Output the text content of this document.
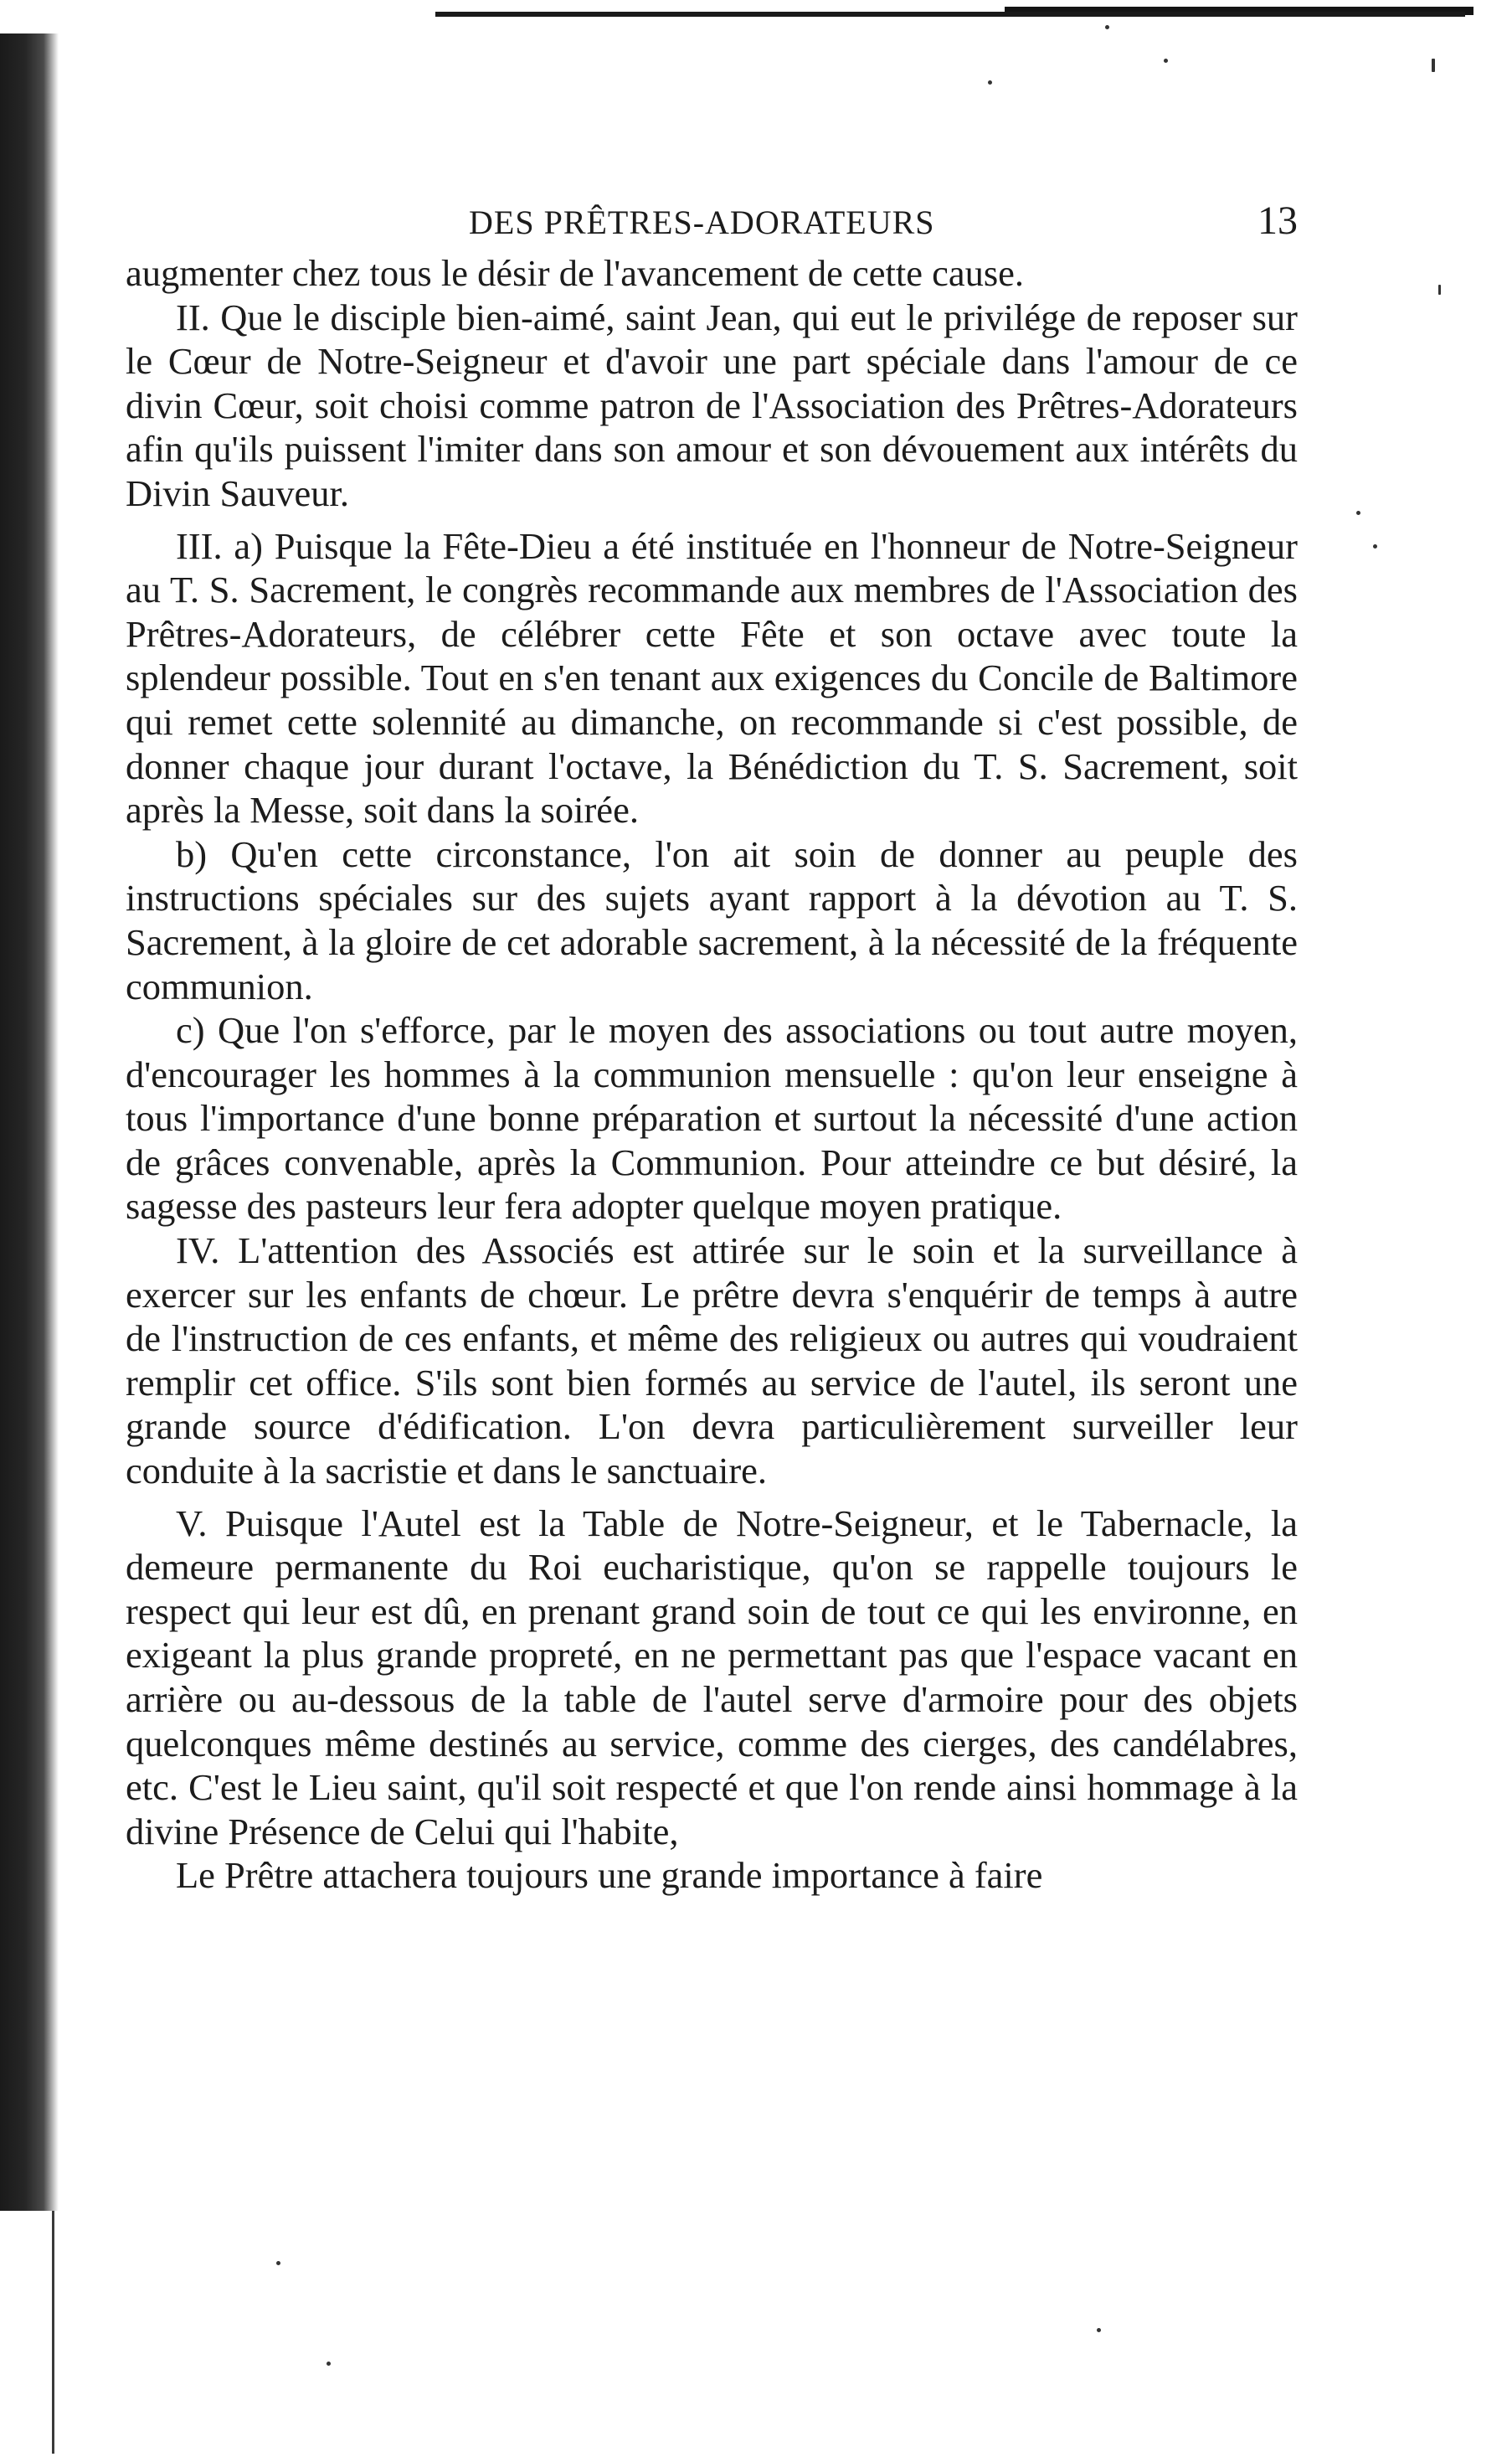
DES PRÊTRES-ADORATEURS	13

augmenter chez tous le désir de l'avancement de cette cause.

II. Que le disciple bien-aimé, saint Jean, qui eut le privilége de reposer sur le Cœur de Notre-Seigneur et d'avoir une part spéciale dans l'amour de ce divin Cœur, soit choisi comme patron de l'Association des Prêtres-Adorateurs afin qu'ils puissent l'imiter dans son amour et son dévouement aux intérêts du Divin Sauveur.

III. a) Puisque la Fête-Dieu a été instituée en l'honneur de Notre-Seigneur au T. S. Sacrement, le congrès recommande aux membres de l'Association des Prêtres-Adorateurs, de célébrer cette Fête et son octave avec toute la splendeur possible. Tout en s'en tenant aux exigences du Concile de Baltimore qui remet cette solennité au dimanche, on recommande si c'est possible, de donner chaque jour durant l'octave, la Bénédiction du T. S. Sacrement, soit après la Messe, soit dans la soirée.

b) Qu'en cette circonstance, l'on ait soin de donner au peuple des instructions spéciales sur des sujets ayant rapport à la dévotion au T. S. Sacrement, à la gloire de cet adorable sacrement, à la nécessité de la fréquente communion.

c) Que l'on s'efforce, par le moyen des associations ou tout autre moyen, d'encourager les hommes à la communion mensuelle : qu'on leur enseigne à tous l'importance d'une bonne préparation et surtout la nécessité d'une action de grâces convenable, après la Communion. Pour atteindre ce but désiré, la sagesse des pasteurs leur fera adopter quelque moyen pratique.

IV. L'attention des Associés est attirée sur le soin et la surveillance à exercer sur les enfants de chœur. Le prêtre devra s'enquérir de temps à autre de l'instruction de ces enfants, et même des religieux ou autres qui voudraient remplir cet office. S'ils sont bien formés au service de l'autel, ils seront une grande source d'édification. L'on devra particulièrement surveiller leur conduite à la sacristie et dans le sanctuaire.

V. Puisque l'Autel est la Table de Notre-Seigneur, et le Tabernacle, la demeure permanente du Roi eucharistique, qu'on se rappelle toujours le respect qui leur est dû, en prenant grand soin de tout ce qui les environne, en exigeant la plus grande propreté, en ne permettant pas que l'espace vacant en arrière ou au-dessous de la table de l'autel serve d'armoire pour des objets quelconques même destinés au service, comme des cierges, des candélabres, etc. C'est le Lieu saint, qu'il soit respecté et que l'on rende ainsi hommage à la divine Présence de Celui qui l'habite,

Le Prêtre attachera toujours une grande importance à faire
